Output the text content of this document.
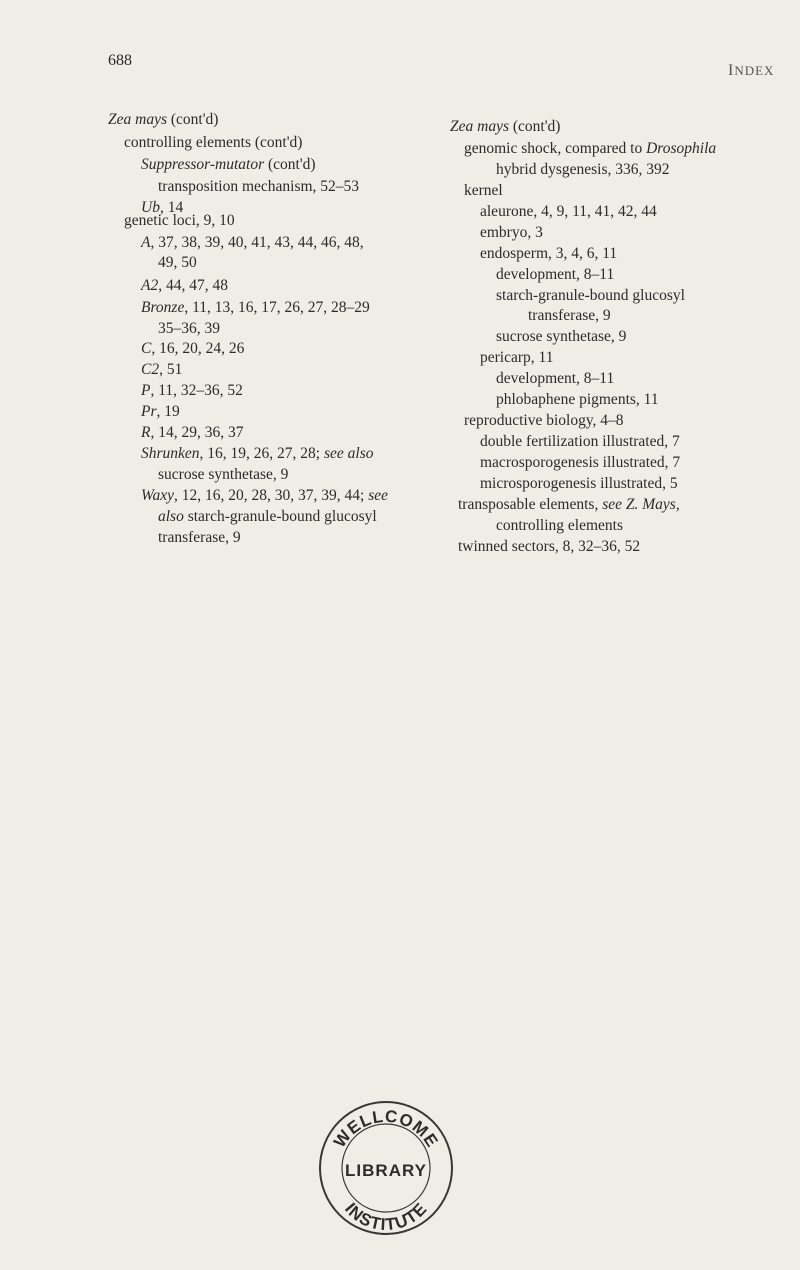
688
INDEX
Zea mays (cont'd)
controlling elements (cont'd)
Suppressor-mutator (cont'd)
transposition mechanism, 52–53
Ub, 14
genetic loci, 9, 10
A, 37, 38, 39, 40, 41, 43, 44, 46, 48,
49, 50
A2, 44, 47, 48
Bronze, 11, 13, 16, 17, 26, 27, 28–29
35–36, 39
C, 16, 20, 24, 26
C2, 51
P, 11, 32–36, 52
Pr, 19
R, 14, 29, 36, 37
Shrunken, 16, 19, 26, 27, 28; see also
sucrose synthetase, 9
Waxy, 12, 16, 20, 28, 30, 37, 39, 44; see
also starch-granule-bound glucosyl
transferase, 9
Zea mays (cont'd)
genomic shock, compared to Drosophila
hybrid dysgenesis, 336, 392
kernel
aleurone, 4, 9, 11, 41, 42, 44
embryo, 3
endosperm, 3, 4, 6, 11
development, 8–11
starch-granule-bound glucosyl
transferase, 9
sucrose synthetase, 9
pericarp, 11
development, 8–11
phlobaphene pigments, 11
reproductive biology, 4–8
double fertilization illustrated, 7
macrosporogenesis illustrated, 7
microsporogenesis illustrated, 5
transposable elements, see Z. Mays,
controlling elements
twinned sectors, 8, 32–36, 52
WELLCOME
LIBRARY
INSTITUTE
